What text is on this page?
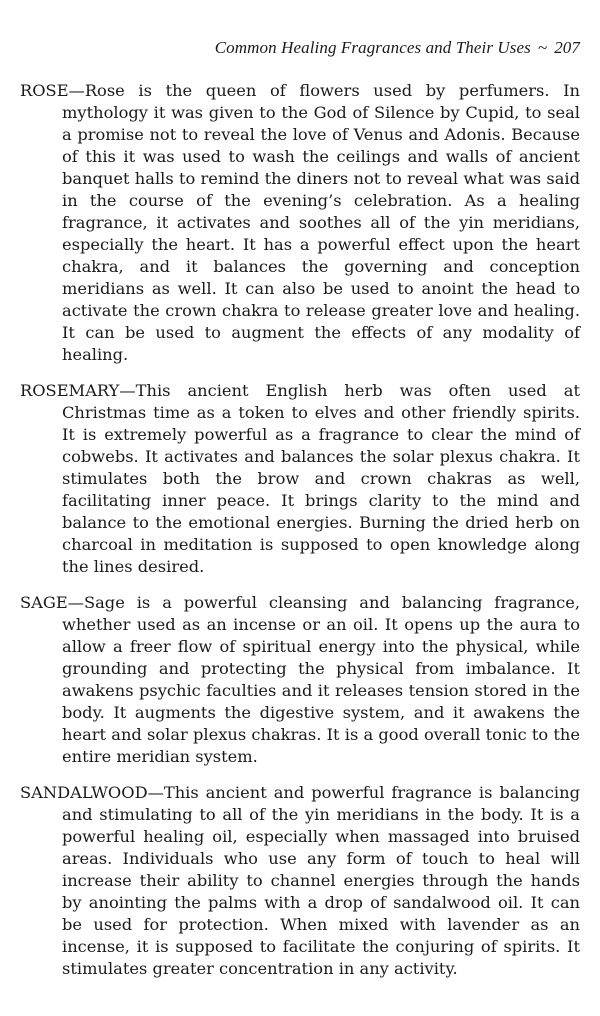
Common Healing Fragrances and Their Uses ~ 207

ROSE—Rose is the queen of flowers used by perfumers. In mythology it was given to the God of Silence by Cupid, to seal a promise not to reveal the love of Venus and Adonis. Because of this it was used to wash the ceilings and walls of ancient banquet halls to remind the diners not to reveal what was said in the course of the evening’s celebration. As a healing fragrance, it activates and soothes all of the yin meridians, especially the heart. It has a powerful effect upon the heart chakra, and it balances the governing and conception meridians as well. It can also be used to anoint the head to activate the crown chakra to release greater love and healing. It can be used to augment the effects of any modality of healing.

ROSEMARY—This ancient English herb was often used at Christmas time as a token to elves and other friendly spirits. It is extremely powerful as a fragrance to clear the mind of cobwebs. It activates and balances the solar plexus chakra. It stimulates both the brow and crown chakras as well, facilitating inner peace. It brings clarity to the mind and balance to the emotional energies. Burning the dried herb on charcoal in meditation is supposed to open knowledge along the lines desired.

SAGE—Sage is a powerful cleansing and balancing fragrance, whether used as an incense or an oil. It opens up the aura to allow a freer flow of spiritual energy into the physical, while grounding and protecting the physical from imbalance. It awakens psychic faculties and it releases tension stored in the body. It augments the digestive system, and it awakens the heart and solar plexus chakras. It is a good overall tonic to the entire meridian system.

SANDALWOOD—This ancient and powerful fragrance is balancing and stimulating to all of the yin meridians in the body. It is a powerful healing oil, especially when massaged into bruised areas. Individuals who use any form of touch to heal will increase their ability to channel energies through the hands by anointing the palms with a drop of sandalwood oil. It can be used for protection. When mixed with lavender as an incense, it is supposed to facilitate the conjuring of spirits. It stimulates greater concentration in any activity.
